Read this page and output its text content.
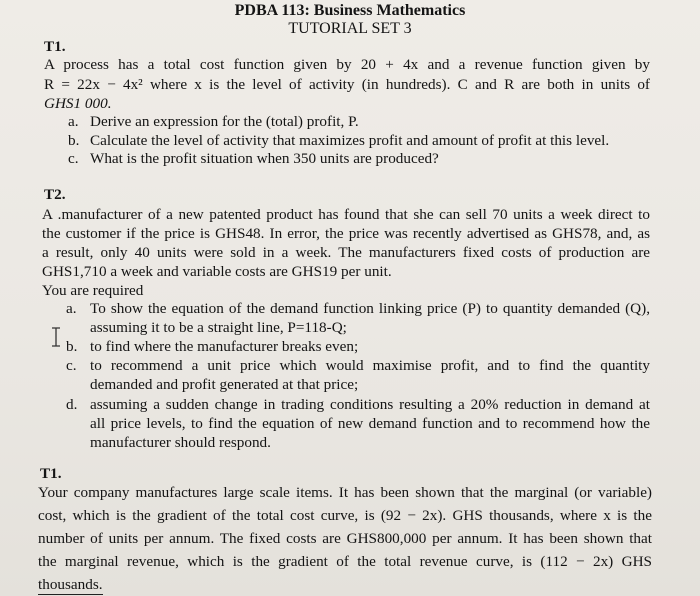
PDBA 113: Business Mathematics
TUTORIAL SET 3
T1.
A process has a total cost function given by 20 + 4x and a revenue function given by
R = 22x − 4x² where x is the level of activity (in hundreds). C and R are both in units of
GHS1 000.
a. Derive an expression for the (total) profit, P.
b. Calculate the level of activity that maximizes profit and amount of profit at this level.
c. What is the profit situation when 350 units are produced?
T2.
A .manufacturer of a new patented product has found that she can sell 70 units a week direct to
the customer if the price is GHS48. In error, the price was recently advertised as GHS78, and, as
a result, only 40 units were sold in a week. The manufacturers fixed costs of production are
GHS1,710 a week and variable costs are GHS19 per unit.
You are required
a. To show the equation of the demand function linking price (P) to quantity demanded (Q),
assuming it to be a straight line, P=118-Q;
b. to find where the manufacturer breaks even;
c. to recommend a unit price which would maximise profit, and to find the quantity
demanded and profit generated at that price;
d. assuming a sudden change in trading conditions resulting a 20% reduction in demand at
all price levels, to find the equation of new demand function and to recommend how the
manufacturer should respond.
T1.
Your company manufactures large scale items. It has been shown that the marginal (or variable)
cost, which is the gradient of the total cost curve, is (92 − 2x). GHS thousands, where x is the
number of units per annum. The fixed costs are GHS800,000 per annum. It has been shown that
the marginal revenue, which is the gradient of the total revenue curve, is (112 − 2x) GHS
thousands.
